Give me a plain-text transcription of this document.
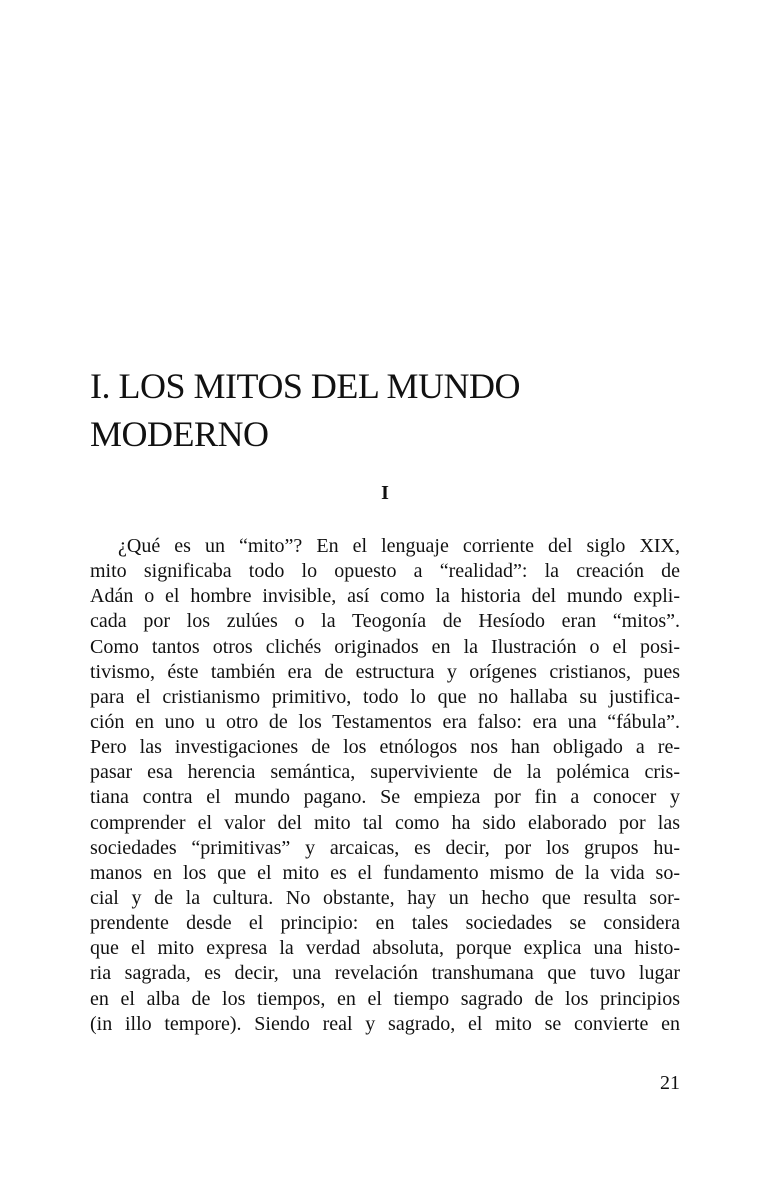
I. LOS MITOS DEL MUNDO
MODERNO
I
¿Qué es un “mito”? En el lenguaje corriente del siglo XIX,
mito significaba todo lo opuesto a “realidad”: la creación de
Adán o el hombre invisible, así como la historia del mundo expli-
cada por los zulúes o la Teogonía de Hesíodo eran “mitos”.
Como tantos otros clichés originados en la Ilustración o el posi-
tivismo, éste también era de estructura y orígenes cristianos, pues
para el cristianismo primitivo, todo lo que no hallaba su justifica-
ción en uno u otro de los Testamentos era falso: era una “fábula”.
Pero las investigaciones de los etnólogos nos han obligado a re-
pasar esa herencia semántica, superviviente de la polémica cris-
tiana contra el mundo pagano. Se empieza por fin a conocer y
comprender el valor del mito tal como ha sido elaborado por las
sociedades “primitivas” y arcaicas, es decir, por los grupos hu-
manos en los que el mito es el fundamento mismo de la vida so-
cial y de la cultura. No obstante, hay un hecho que resulta sor-
prendente desde el principio: en tales sociedades se considera
que el mito expresa la verdad absoluta, porque explica una histo-
ria sagrada, es decir, una revelación transhumana que tuvo lugar
en el alba de los tiempos, en el tiempo sagrado de los principios
(in illo tempore). Siendo real y sagrado, el mito se convierte en
21
